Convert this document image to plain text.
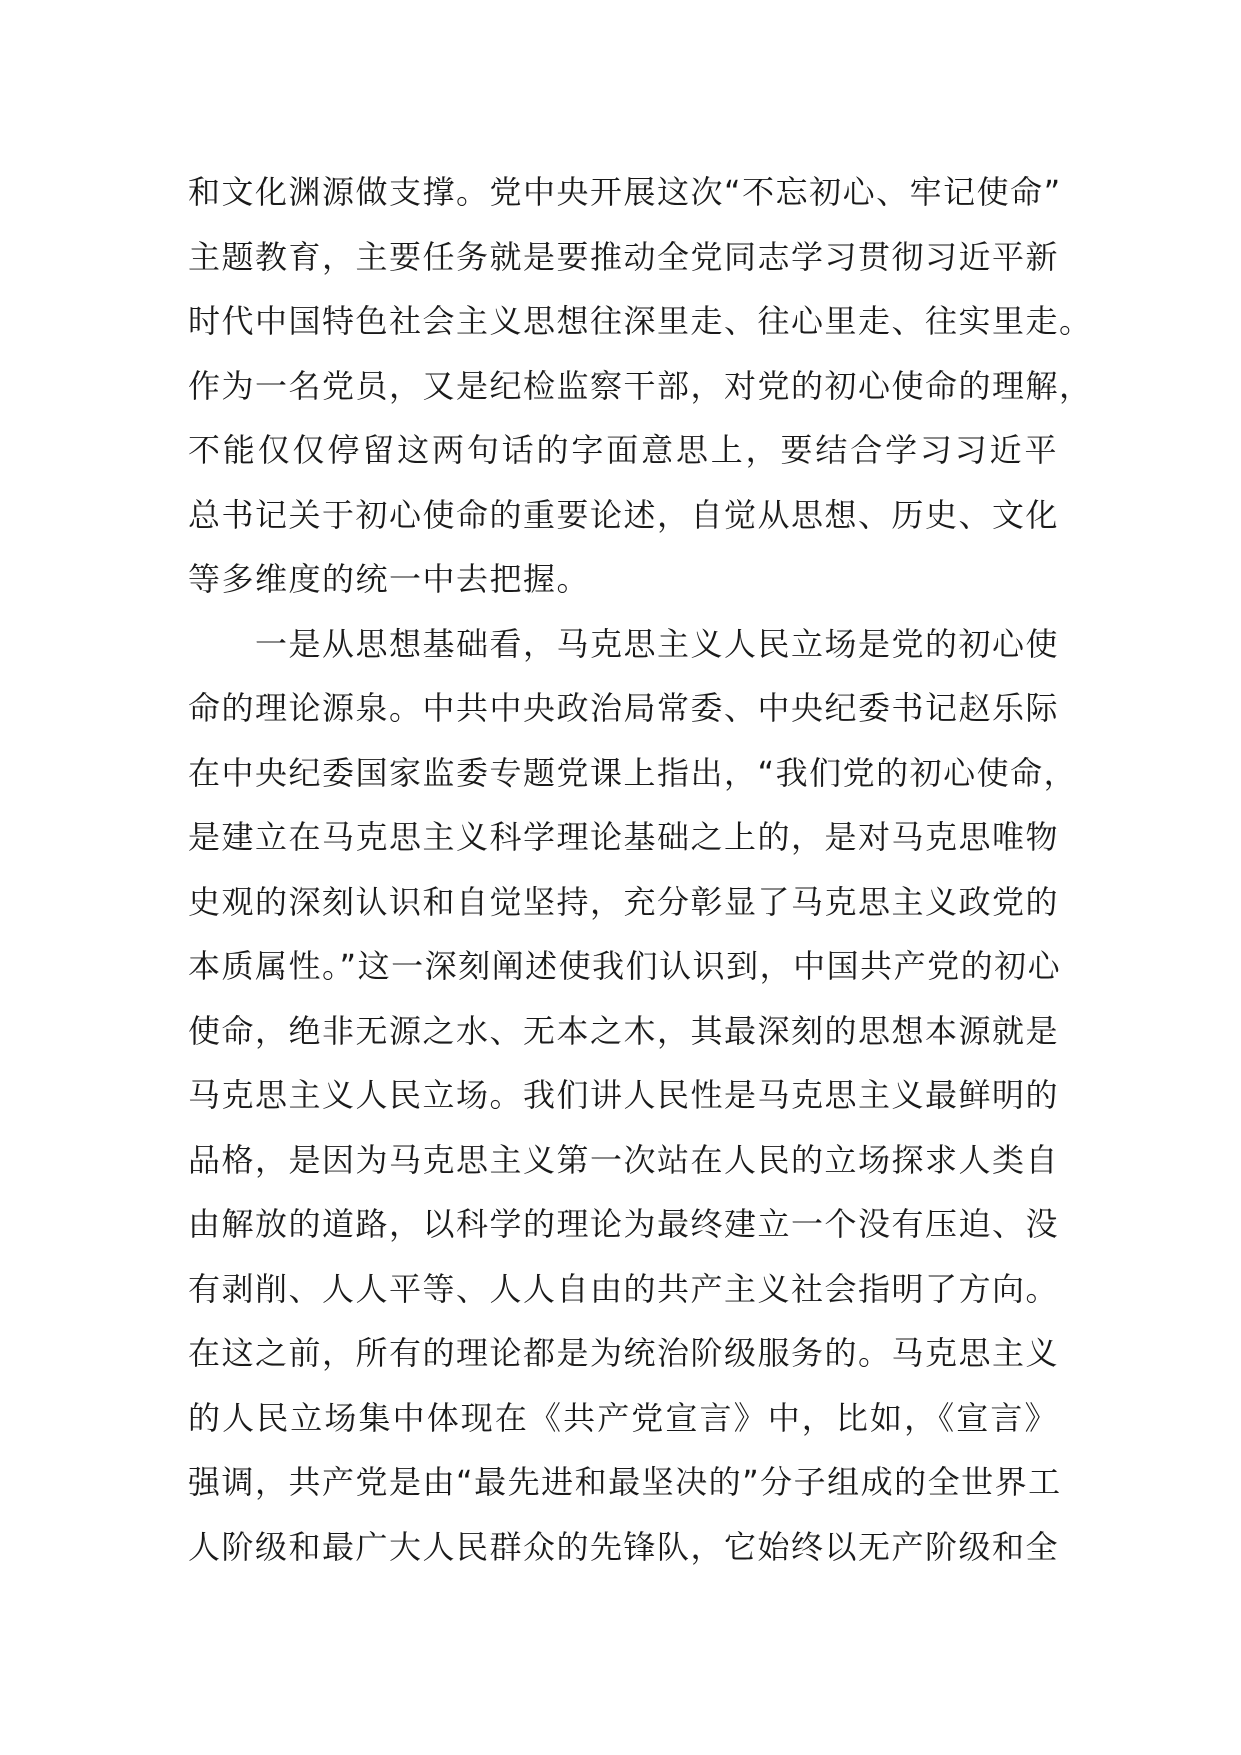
和文化渊源做支撑。党中央开展这次“不忘初心、牢记使命”
主题教育，主要任务就是要推动全党同志学习贯彻习近平新
时代中国特色社会主义思想往深里走、往心里走、往实里走。
作为一名党员，又是纪检监察干部，对党的初心使命的理解，
不能仅仅停留这两句话的字面意思上，要结合学习习近平
总书记关于初心使命的重要论述，自觉从思想、历史、文化
等多维度的统一中去把握。
一是从思想基础看，马克思主义人民立场是党的初心使
命的理论源泉。中共中央政治局常委、中央纪委书记赵乐际
在中央纪委国家监委专题党课上指出，“我们党的初心使命，
是建立在马克思主义科学理论基础之上的，是对马克思唯物
史观的深刻认识和自觉坚持，充分彰显了马克思主义政党的
本质属性。”这一深刻阐述使我们认识到，中国共产党的初心
使命，绝非无源之水、无本之木，其最深刻的思想本源就是
马克思主义人民立场。我们讲人民性是马克思主义最鲜明的
品格，是因为马克思主义第一次站在人民的立场探求人类自
由解放的道路，以科学的理论为最终建立一个没有压迫、没
有剥削、人人平等、人人自由的共产主义社会指明了方向。
在这之前，所有的理论都是为统治阶级服务的。马克思主义
的人民立场集中体现在《共产党宣言》中，比如，《宣言》
强调，共产党是由“最先进和最坚决的”分子组成的全世界工
人阶级和最广大人民群众的先锋队，它始终以无产阶级和全
